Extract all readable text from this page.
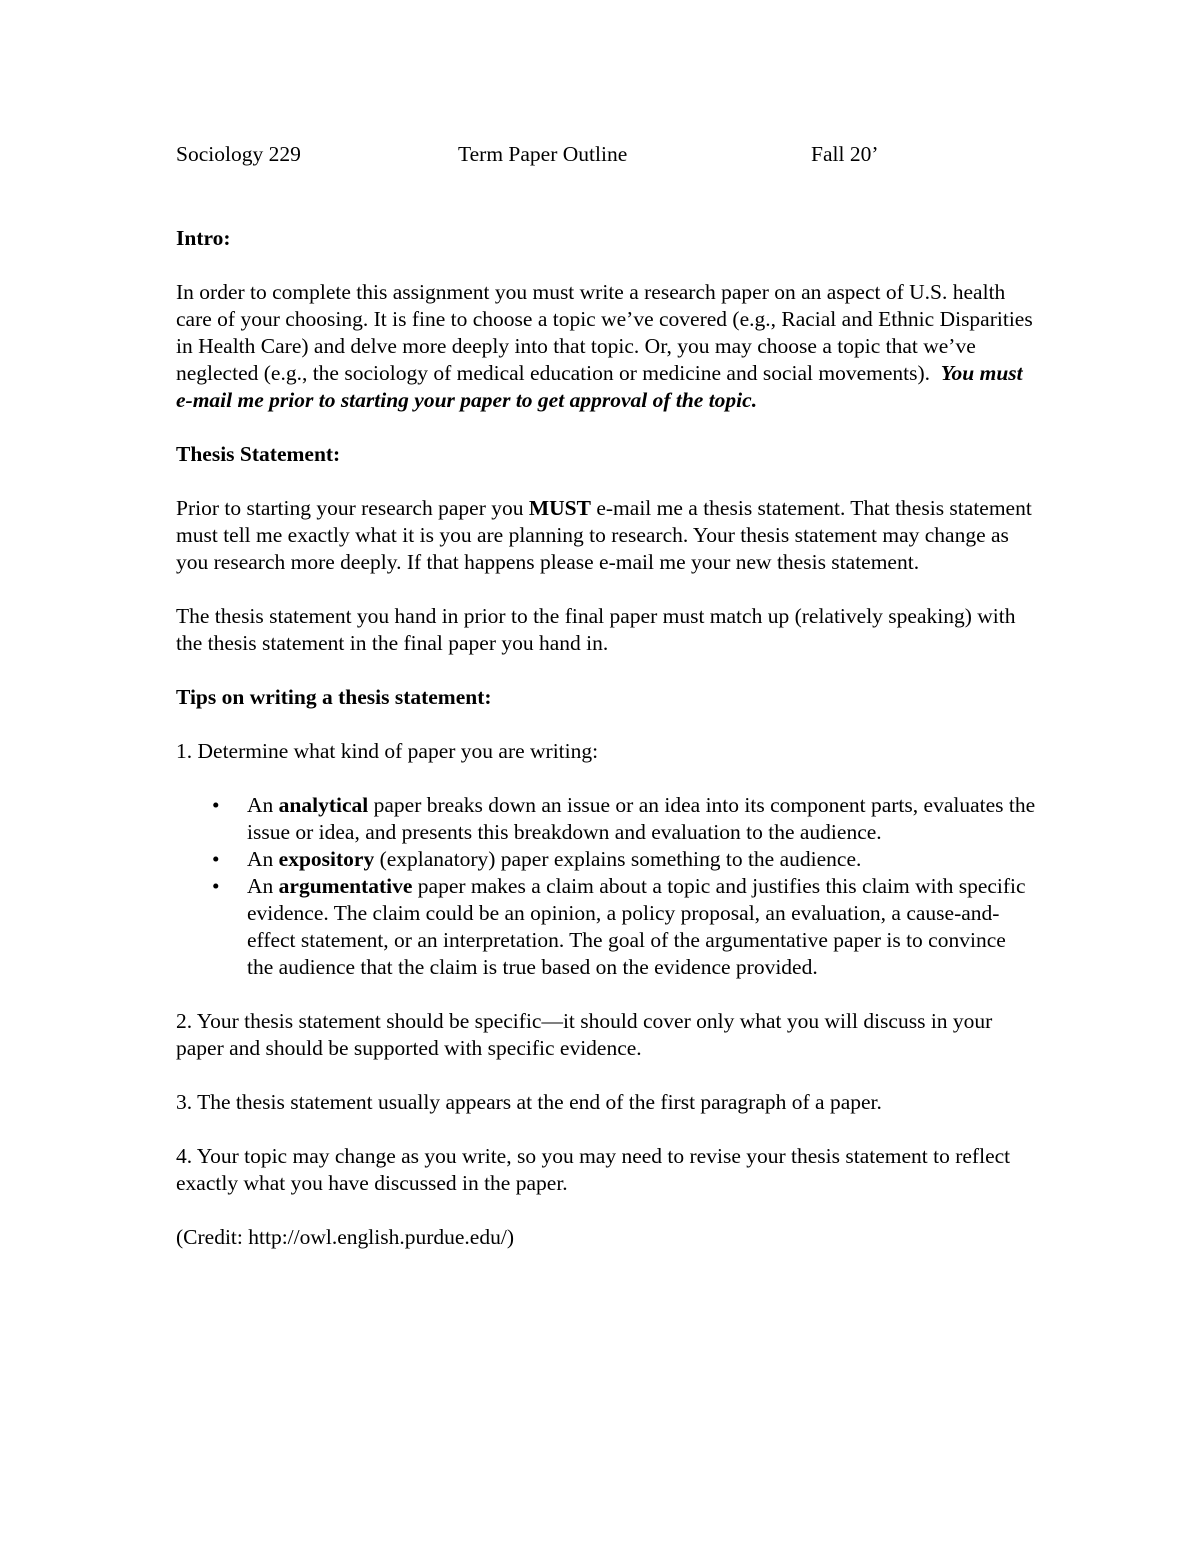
Sociology 229	Term Paper Outline	Fall 20’

Intro:

In order to complete this assignment you must write a research paper on an aspect of U.S. health care of your choosing. It is fine to choose a topic we’ve covered (e.g., Racial and Ethnic Disparities in Health Care) and delve more deeply into that topic. Or, you may choose a topic that we’ve neglected (e.g., the sociology of medical education or medicine and social movements). You must e-mail me prior to starting your paper to get approval of the topic.

Thesis Statement:

Prior to starting your research paper you MUST e-mail me a thesis statement. That thesis statement must tell me exactly what it is you are planning to research. Your thesis statement may change as you research more deeply. If that happens please e-mail me your new thesis statement.

The thesis statement you hand in prior to the final paper must match up (relatively speaking) with the thesis statement in the final paper you hand in.

Tips on writing a thesis statement:

1. Determine what kind of paper you are writing:

• An analytical paper breaks down an issue or an idea into its component parts, evaluates the issue or idea, and presents this breakdown and evaluation to the audience.
• An expository (explanatory) paper explains something to the audience.
• An argumentative paper makes a claim about a topic and justifies this claim with specific evidence. The claim could be an opinion, a policy proposal, an evaluation, a cause-and-effect statement, or an interpretation. The goal of the argumentative paper is to convince the audience that the claim is true based on the evidence provided.

2. Your thesis statement should be specific—it should cover only what you will discuss in your paper and should be supported with specific evidence.

3. The thesis statement usually appears at the end of the first paragraph of a paper.

4. Your topic may change as you write, so you may need to revise your thesis statement to reflect exactly what you have discussed in the paper.

(Credit: http://owl.english.purdue.edu/)
